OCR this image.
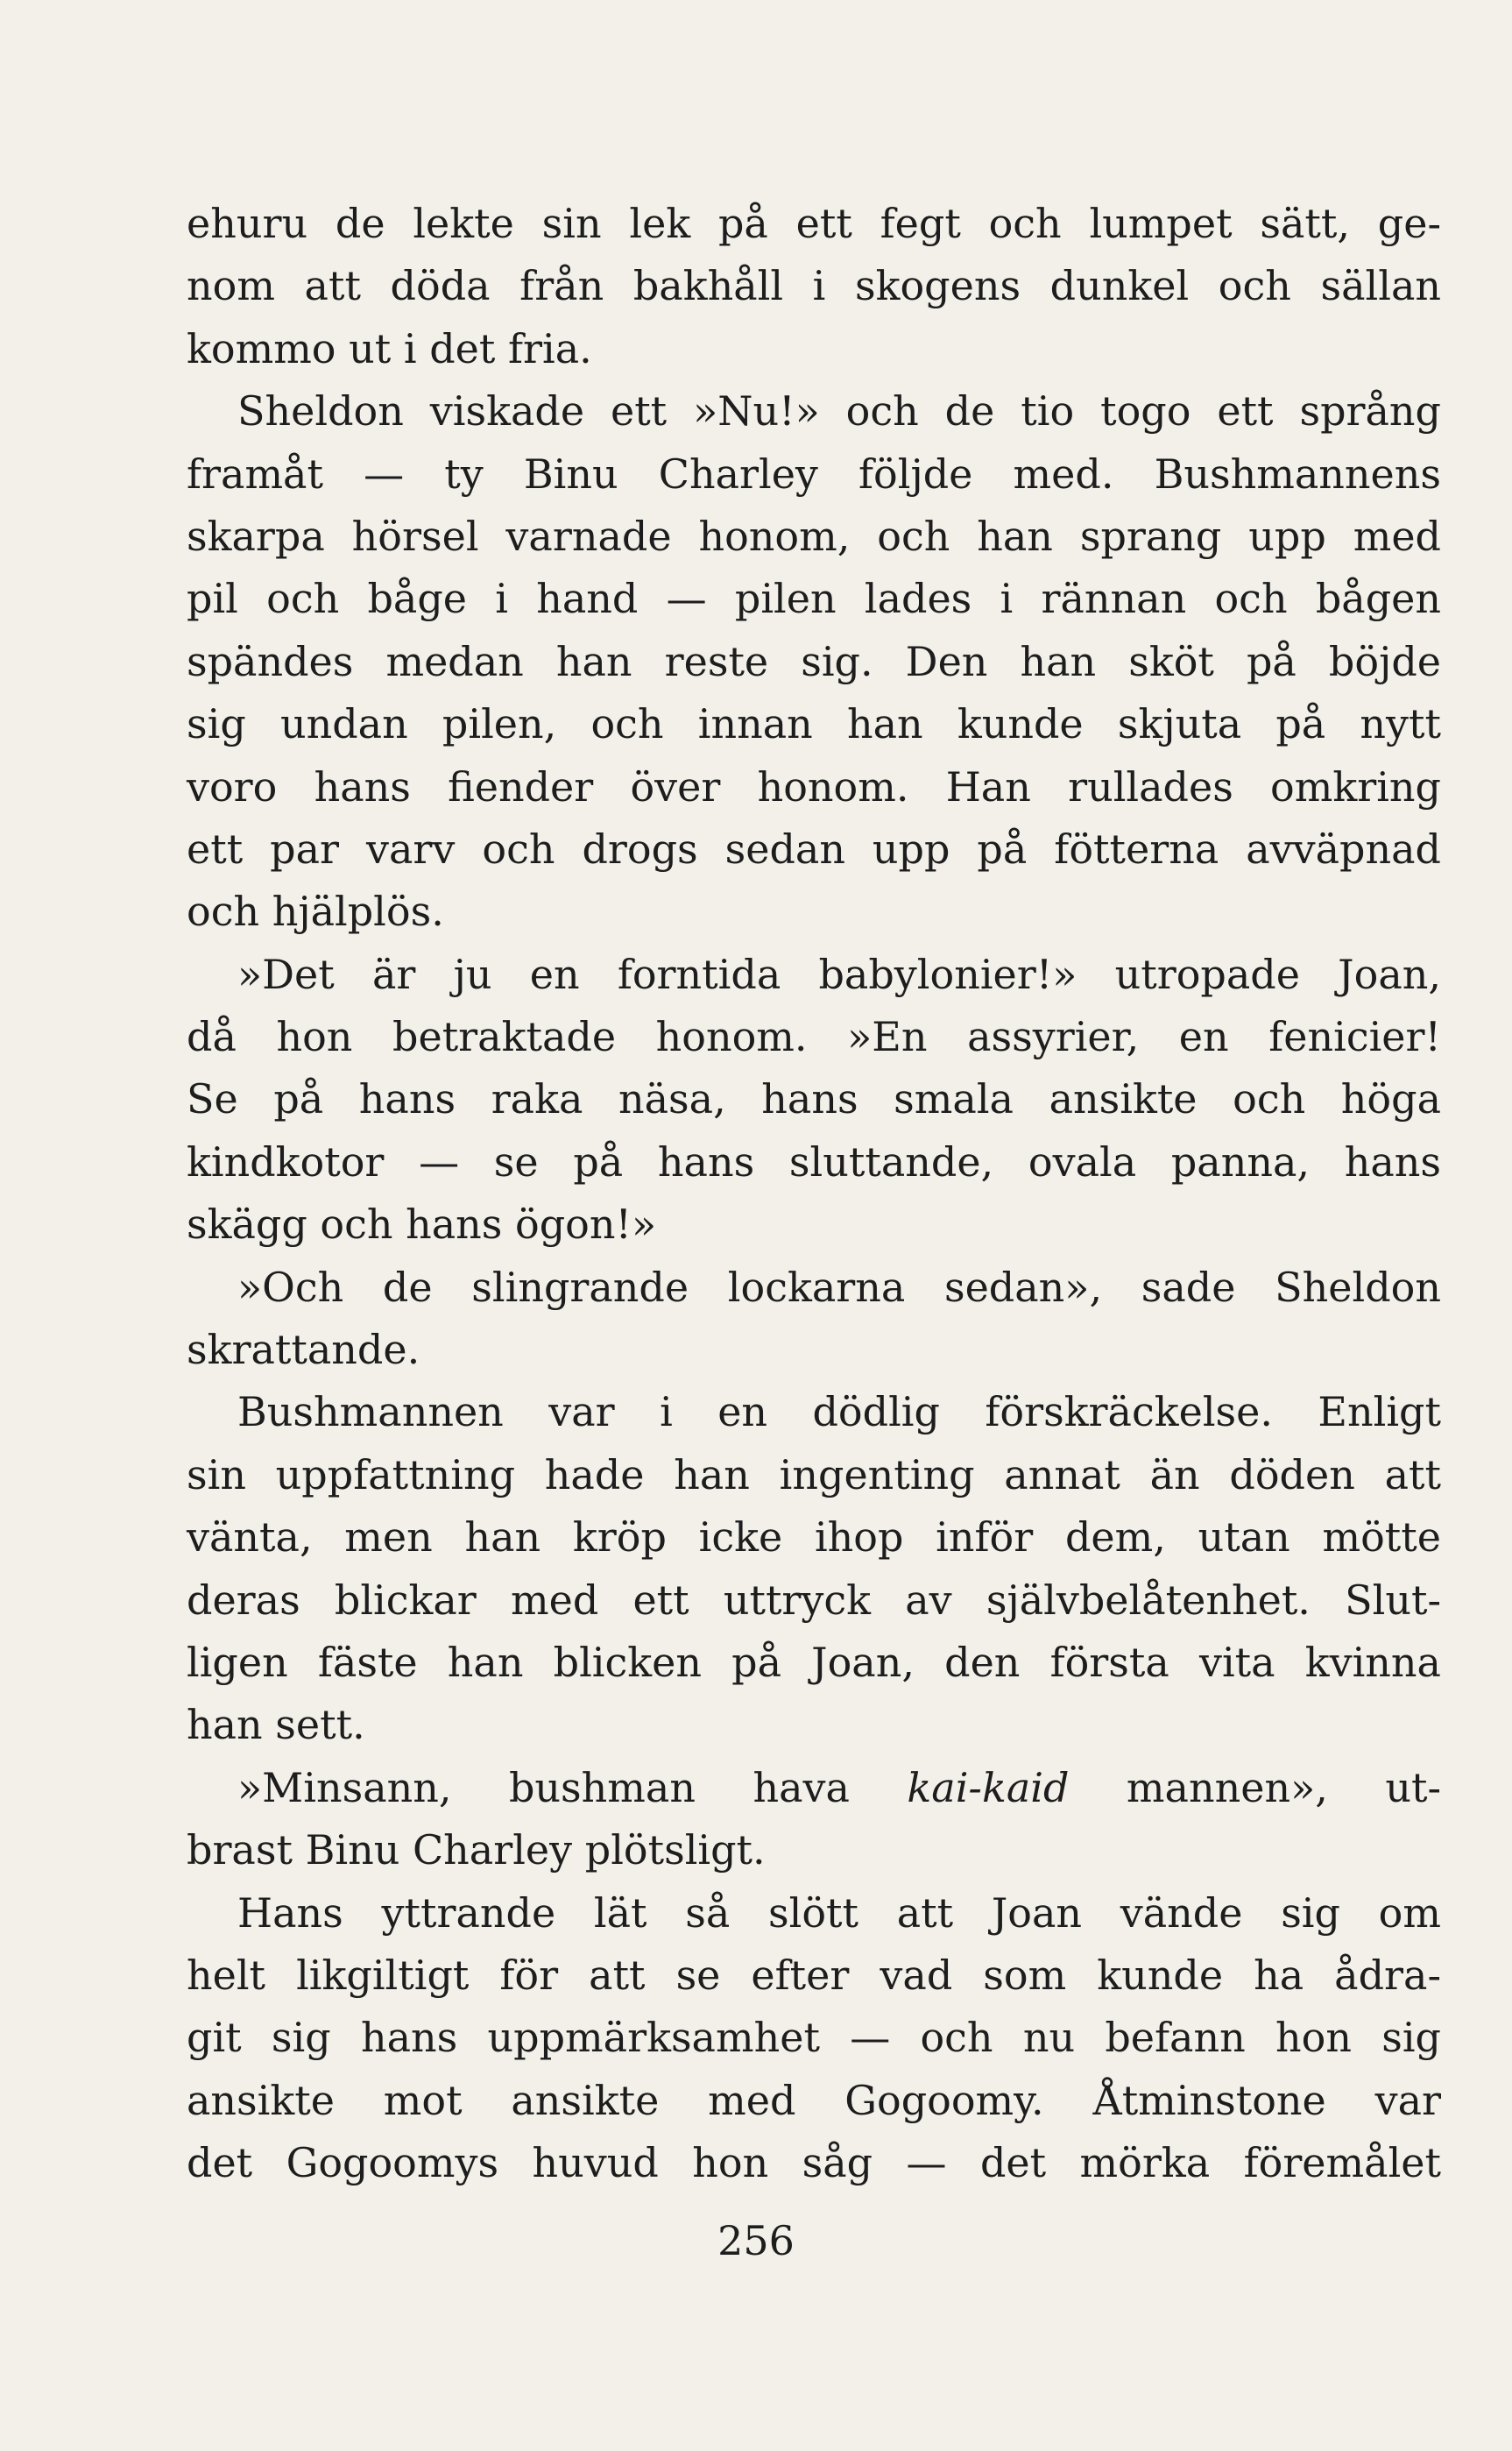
ehuru de lekte sin lek på ett fegt och lumpet sätt, ge-
nom att döda från bakhåll i skogens dunkel och sällan
kommo ut i det fria.
Sheldon viskade ett »Nu!» och de tio togo ett språng
framåt — ty Binu Charley följde med. Bushmannens
skarpa hörsel varnade honom, och han sprang upp med
pil och båge i hand — pilen lades i rännan och bågen
spändes medan han reste sig. Den han sköt på böjde
sig undan pilen, och innan han kunde skjuta på nytt
voro hans fiender över honom. Han rullades omkring
ett par varv och drogs sedan upp på fötterna avväpnad
och hjälplös.
»Det är ju en forntida babylonier!» utropade Joan,
då hon betraktade honom. »En assyrier, en fenicier!
Se på hans raka näsa, hans smala ansikte och höga
kindkotor — se på hans sluttande, ovala panna, hans
skägg och hans ögon!»
»Och de slingrande lockarna sedan», sade Sheldon
skrattande.
Bushmannen var i en dödlig förskräckelse. Enligt
sin uppfattning hade han ingenting annat än döden att
vänta, men han kröp icke ihop inför dem, utan mötte
deras blickar med ett uttryck av självbelåtenhet. Slut-
ligen fäste han blicken på Joan, den första vita kvinna
han sett.
»Minsann, bushman hava kai-kaid mannen», ut-
brast Binu Charley plötsligt.
Hans yttrande lät så slött att Joan vände sig om
helt likgiltigt för att se efter vad som kunde ha ådra-
git sig hans uppmärksamhet — och nu befann hon sig
ansikte mot ansikte med Gogoomy. Åtminstone var
det Gogoomys huvud hon såg — det mörka föremålet
256
